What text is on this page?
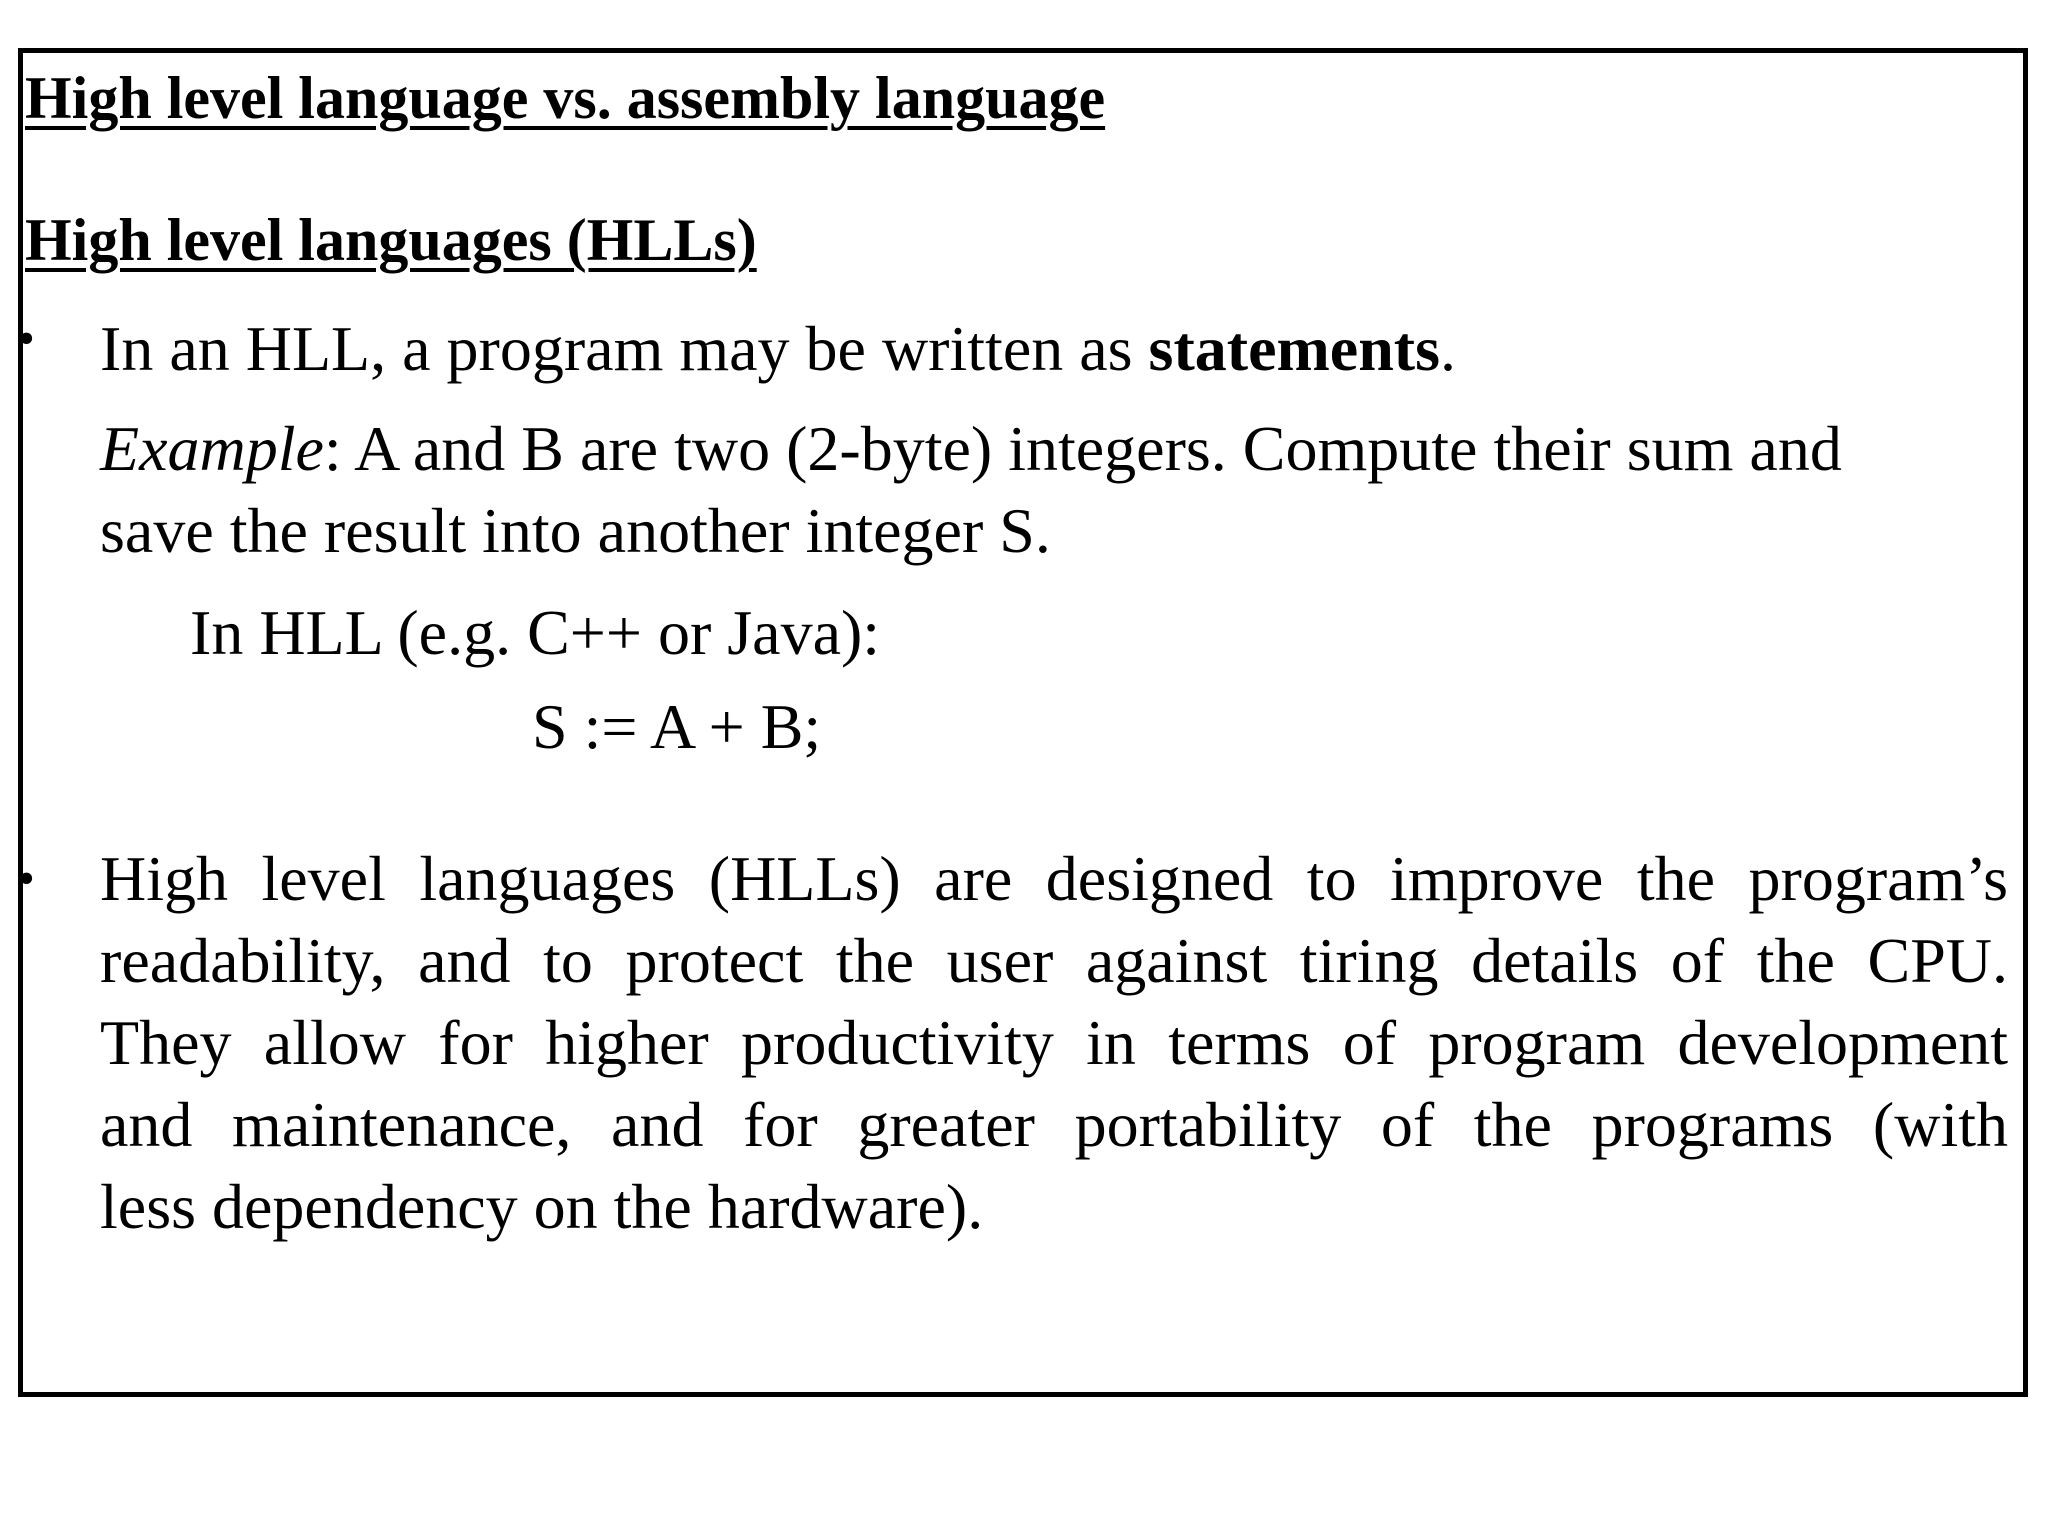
High level language vs. assembly language
High level languages (HLLs)
• In an HLL, a program may be written as statements.
Example: A and B are two (2-byte) integers. Compute their sum and
save the result into another integer S.
In HLL (e.g. C++ or Java):
S := A + B;
• High level languages (HLLs) are designed to improve the program’s
readability, and to protect the user against tiring details of the CPU.
They allow for higher productivity in terms of program development
and maintenance, and for greater portability of the programs (with
less dependency on the hardware).
